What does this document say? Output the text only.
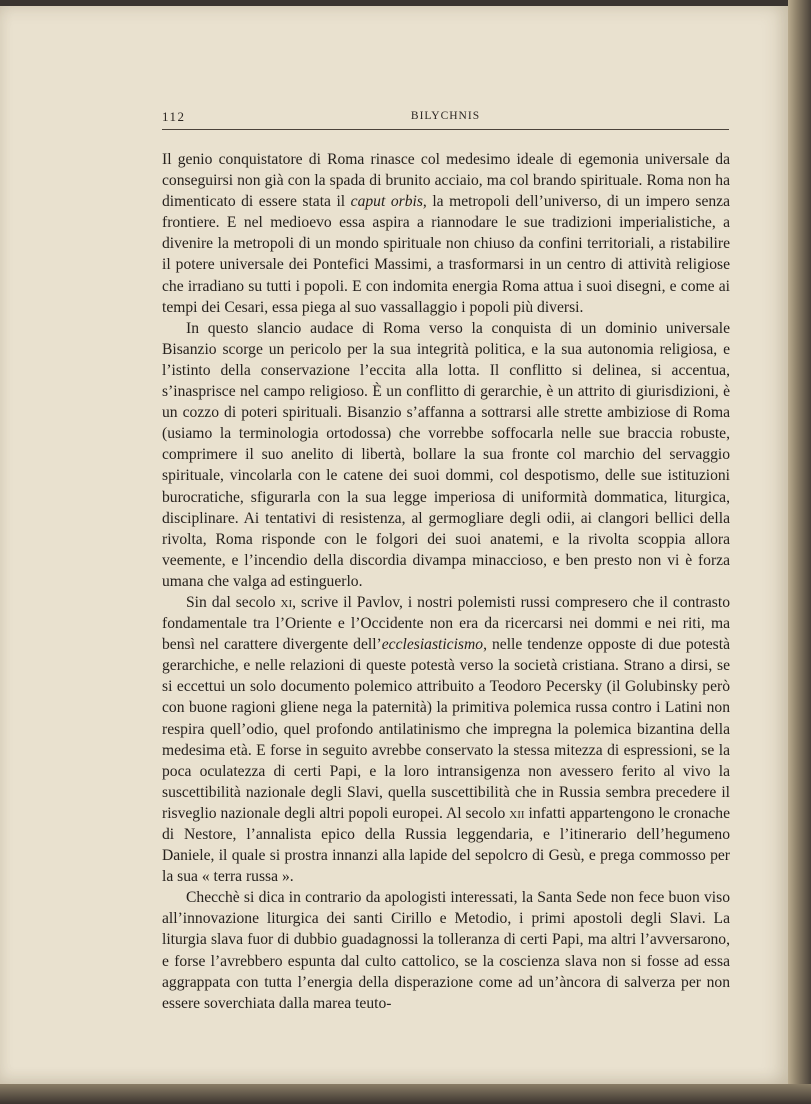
112	BILYCHNIS

Il genio conquistatore di Roma rinasce col medesimo ideale di egemonia universale da conseguirsi non già con la spada di brunito acciaio, ma col brando spirituale. Roma non ha dimenticato di essere stata il caput orbis, la metropoli dell’universo, di un impero senza frontiere. E nel medioevo essa aspira a riannodare le sue tradizioni imperialistiche, a divenire la metropoli di un mondo spirituale non chiuso da confini territoriali, a ristabilire il potere universale dei Pontefici Massimi, a trasformarsi in un centro di attività religiose che irradiano su tutti i popoli. E con indomita energia Roma attua i suoi disegni, e come ai tempi dei Cesari, essa piega al suo vassallaggio i popoli più diversi.

In questo slancio audace di Roma verso la conquista di un dominio universale Bisanzio scorge un pericolo per la sua integrità politica, e la sua autonomia religiosa, e l’istinto della conservazione l’eccita alla lotta. Il conflitto si delinea, si accentua, s’inasprisce nel campo religioso. È un conflitto di gerarchie, è un attrito di giurisdizioni, è un cozzo di poteri spirituali. Bisanzio s’affanna a sottrarsi alle strette ambiziose di Roma (usiamo la terminologia ortodossa) che vorrebbe soffocarla nelle sue braccia robuste, comprimere il suo anelito di libertà, bollare la sua fronte col marchio del servaggio spirituale, vincolarla con le catene dei suoi dommi, col despotismo, delle sue istituzioni burocratiche, sfigurarla con la sua legge imperiosa di uniformità dommatica, liturgica, disciplinare. Ai tentativi di resistenza, al germogliare degli odii, ai clangori bellici della rivolta, Roma risponde con le folgori dei suoi anatemi, e la rivolta scoppia allora veemente, e l’incendio della discordia divampa minaccioso, e ben presto non vi è forza umana che valga ad estinguerlo.

Sin dal secolo xi, scrive il Pavlov, i nostri polemisti russi compresero che il contrasto fondamentale tra l’Oriente e l’Occidente non era da ricercarsi nei dommi e nei riti, ma bensì nel carattere divergente dell’ecclesiasticismo, nelle tendenze opposte di due potestà gerarchiche, e nelle relazioni di queste potestà verso la società cristiana. Strano a dirsi, se si eccettui un solo documento polemico attribuito a Teodoro Pecersky (il Golubinsky però con buone ragioni gliene nega la paternità) la primitiva polemica russa contro i Latini non respira quell’odio, quel profondo antilatinismo che impregna la polemica bizantina della medesima età. E forse in seguito avrebbe conservato la stessa mitezza di espressioni, se la poca oculatezza di certi Papi, e la loro intransigenza non avessero ferito al vivo la suscettibilità nazionale degli Slavi, quella suscettibilità che in Russia sembra precedere il risveglio nazionale degli altri popoli europei. Al secolo xii infatti appartengono le cronache di Nestore, l’annalista epico della Russia leggendaria, e l’itinerario dell’hegumeno Daniele, il quale si prostra innanzi alla lapide del sepolcro di Gesù, e prega commosso per la sua « terra russa ».

Checchè si dica in contrario da apologisti interessati, la Santa Sede non fece buon viso all’innovazione liturgica dei santi Cirillo e Metodio, i primi apostoli degli Slavi. La liturgia slava fuor di dubbio guadagnossi la tolleranza di certi Papi, ma altri l’avversarono, e forse l’avrebbero espunta dal culto cattolico, se la coscienza slava non si fosse ad essa aggrappata con tutta l’energia della disperazione come ad un’àncora di salverza per non essere soverchiata dalla marea teuto-
